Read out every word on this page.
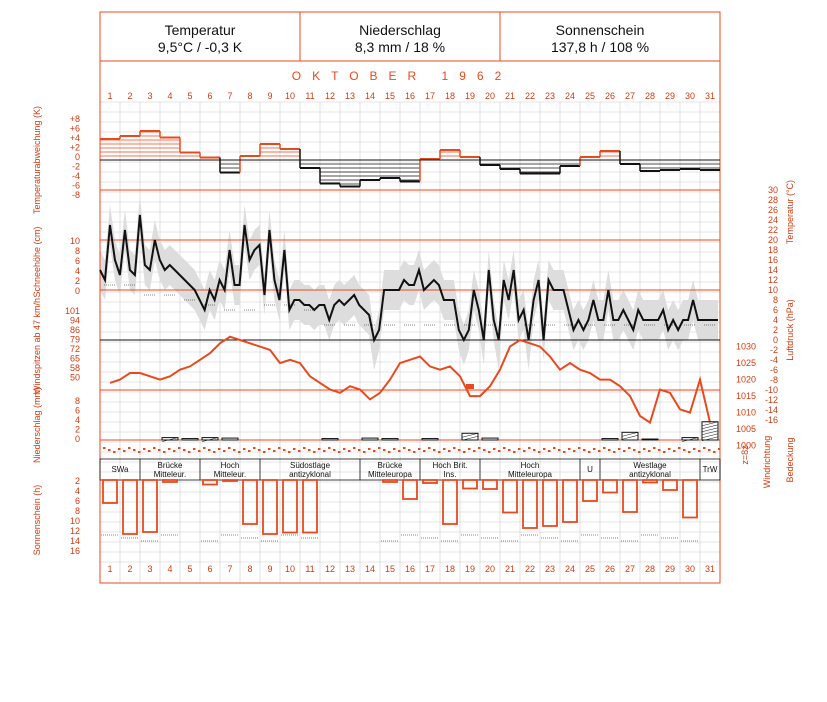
Temperatur
9,5°C / -0,3 K
Niederschlag
8,3 mm / 18 %
Sonnenschein
137,8 h / 108 %
OKTOBER 1962
1 2 3 4 5 6 7 8 9 10 11 12 13 14 15 16 17 18 19 20 21 22 23 24 25 26 27 28 29 30 31
1 2 3 4 5 6 7 8 9 10 11 12 13 14 15 16 17 18 19 20 21 22 23 24 25 26 27 28 29 30 31
Temperaturabweichung (K)
Schneehöhe (cm)
Windspitzen ab 47 km/h
Niederschlag (mm)
Sonnenschein (h)
Temperatur (°C)
Luftdruck (hPa)
Windrichtung Bedeckung
z=8z
+8
+6
+4
+2
0
-2
-4
-6
-8
10
8
6
4
2
0
101
94
86
79
72
65
58
50
8
6
4
2
0
2
4
6
8
10
12
14
16
30
28
26
24
22
20
18
16
14
12
10
8
6
4
2
0
-2
-4
-6
-8
-10
-12
-14
-16
1030
1025
1020
1015
1010
1005
1000
SWa	Brücke
Mitteleur.
Hoch
Mitteleur.
Südostlage
antizyklonal
Brücke
Mitteleuropa
Hoch Brit.
Ins.
Hoch
Mitteleuropa
U	Westlage
antizyklonal
TrW
